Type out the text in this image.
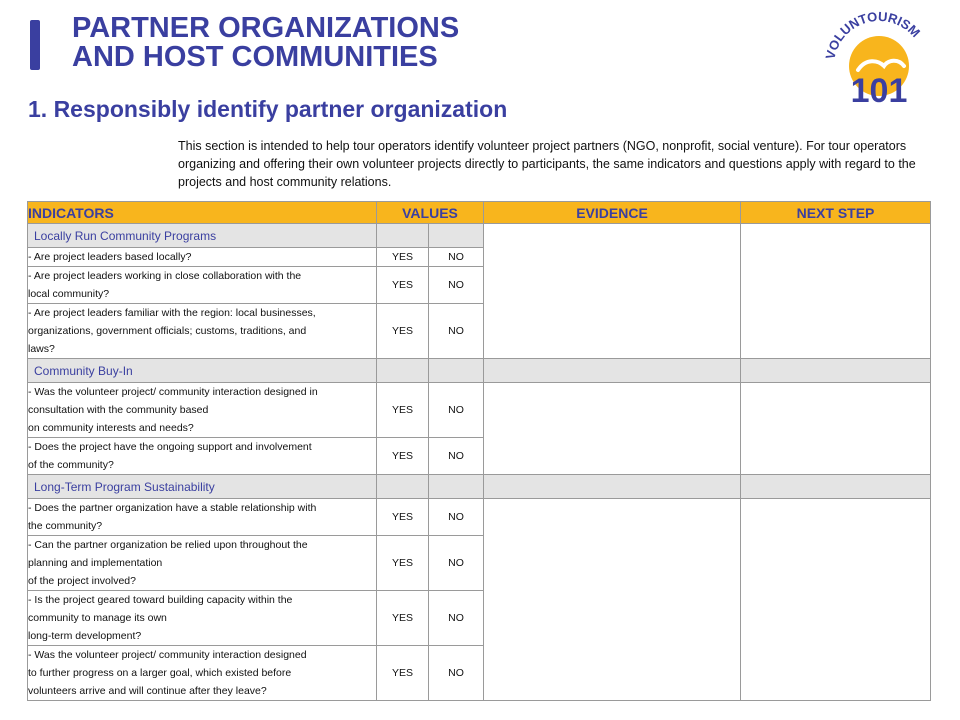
PARTNER ORGANIZATIONS
AND HOST COMMUNITIES	VOLUNTOURISM
101
1. Responsibly identify partner organization

This section is intended to help tour operators identify volunteer project partners (NGO, nonprofit, social venture). For tour operators organizing and offering their own volunteer projects directly to participants, the same indicators and questions apply with regard to the projects and host community relations.

INDICATORS	VALUES		EVIDENCE	NEXT STEP
Locally Run Community Programs				

- Are project leaders based locally?	YES	NO		

- Are project leaders working in close collaboration with the
local community?	YES	NO		

- Are project leaders familiar with the region: local businesses,
organizations, government officials; customs, traditions, and
laws?	YES	NO		
Community Buy-In				

- Was the volunteer project/ community interaction designed in
consultation with the community based
on community interests and needs?	YES	NO		

- Does the project have the ongoing support and involvement
of the community?	YES	NO		
Long-Term Program Sustainability				

- Does the partner organization have a stable relationship with
the community?	YES	NO		

- Can the partner organization be relied upon throughout the
planning and implementation
of the project involved?	YES	NO		

- Is the project geared toward building capacity within the
community to manage its own
long-term development?	YES	NO		

- Was the volunteer project/ community interaction designed
to further progress on a larger goal, which existed before
volunteers arrive and will continue after they leave?	YES	NO		
